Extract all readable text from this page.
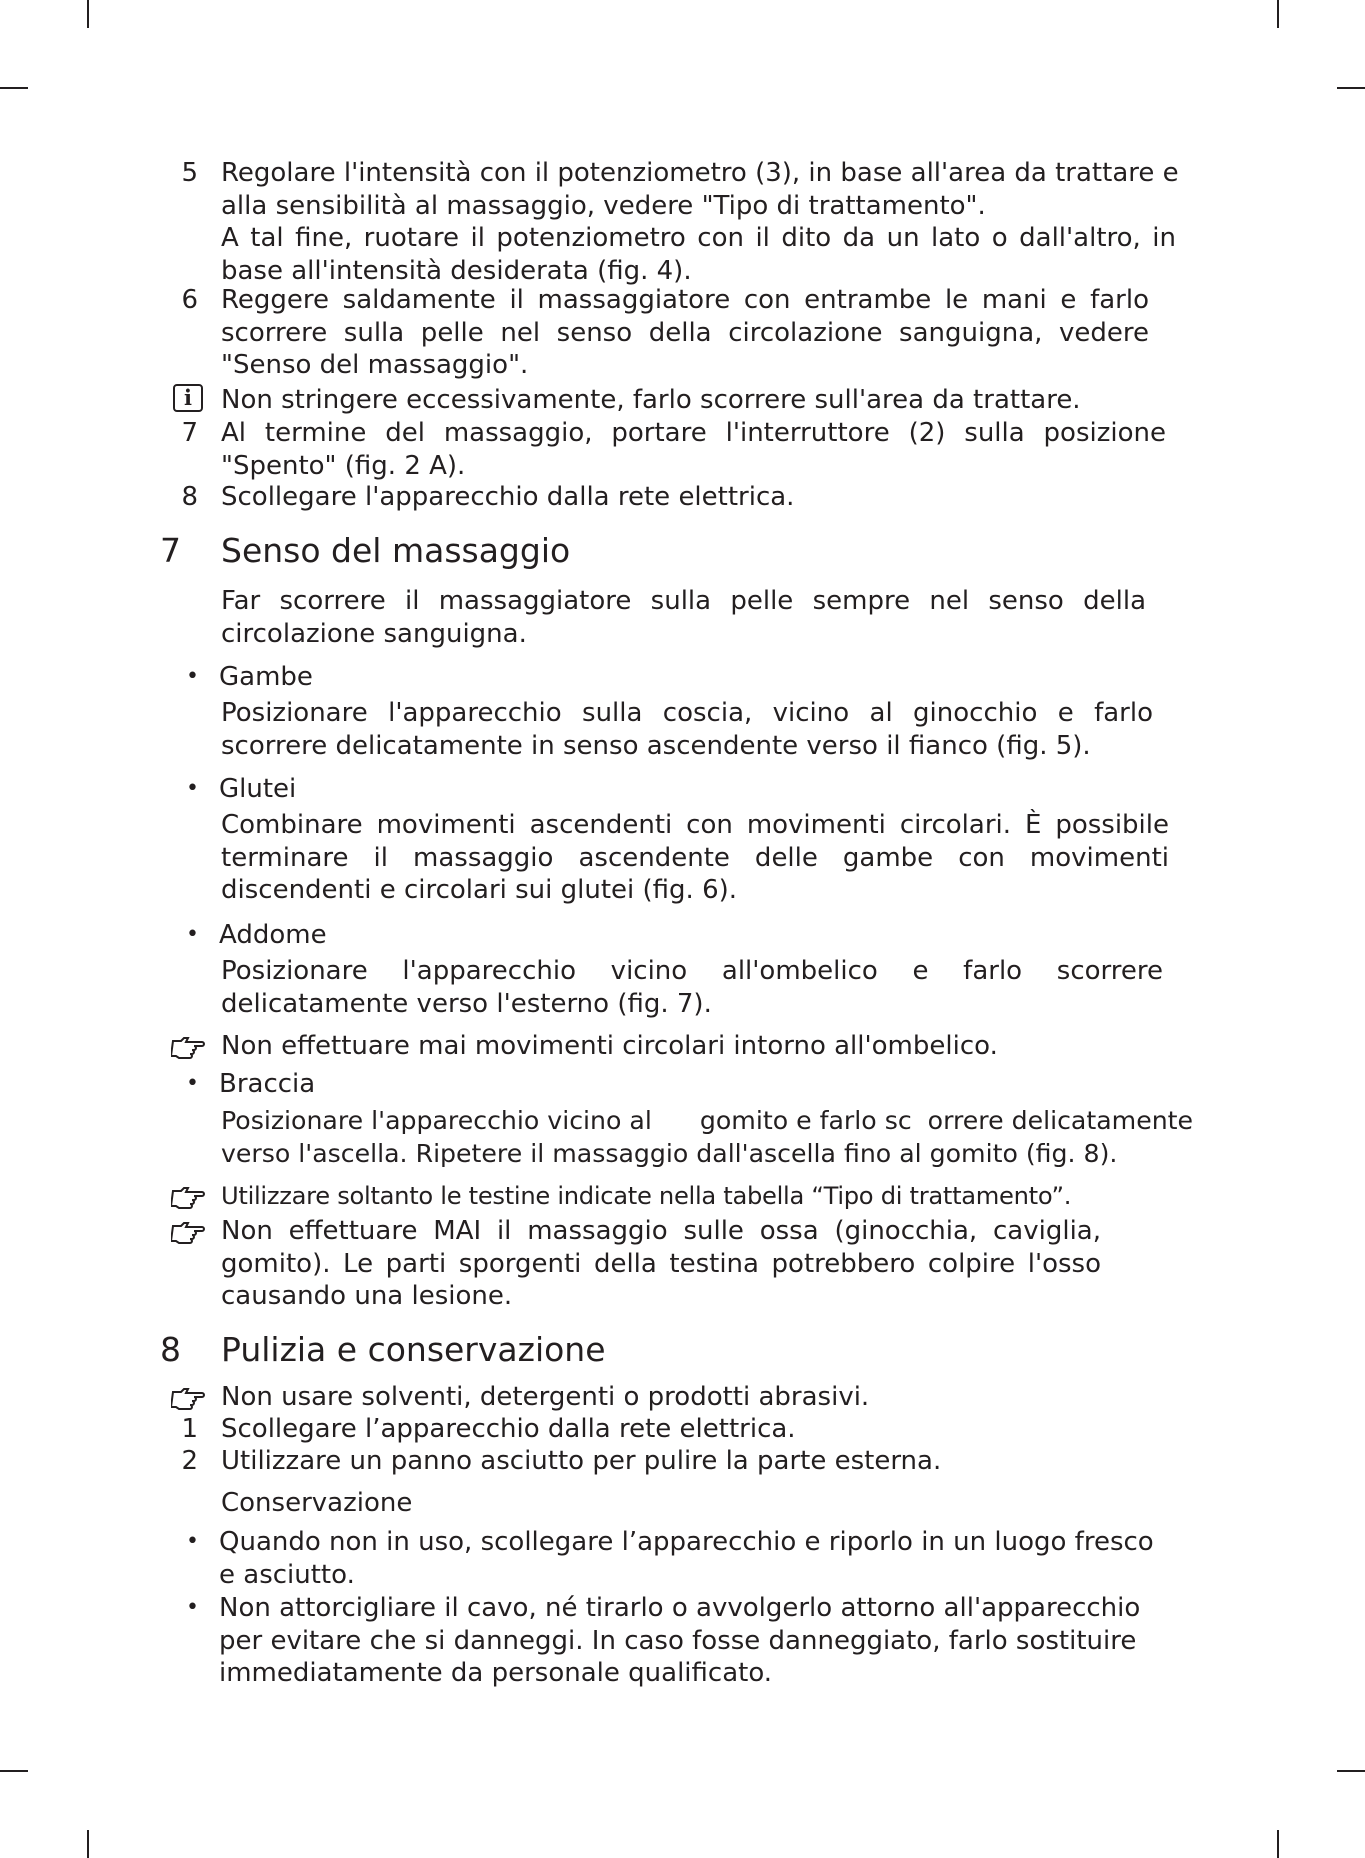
5 Regolare l'intensità con il potenziometro (3), in base all'area da trattare e alla sensibilità al massaggio, vedere "Tipo di trattamento".
A tal fine, ruotare il potenziometro con il dito da un lato o dall'altro, in base all'intensità desiderata (fig. 4).
6 Reggere saldamente il massaggiatore con entrambe le mani e farlo scorrere sulla pelle nel senso della circolazione sanguigna, vedere "Senso del massaggio".
i	Non stringere eccessivamente, farlo scorrere sull'area da trattare.
7 Al termine del massaggio, portare l'interruttore (2) sulla posizione "Spento" (fig. 2 A).
8 Scollegare l'apparecchio dalla rete elettrica.
7 Senso del massaggio
Far scorrere il massaggiatore sulla pelle sempre nel senso della circolazione sanguigna.
• Gambe
Posizionare l'apparecchio sulla coscia, vicino al ginocchio e farlo scorrere delicatamente in senso ascendente verso il fianco (fig. 5).
• Glutei
Combinare movimenti ascendenti con movimenti circolari. È possibile terminare il massaggio ascendente delle gambe con movimenti discendenti e circolari sui glutei (fig. 6).
• Addome
Posizionare l'apparecchio vicino all'ombelico e farlo scorrere delicatamente verso l'esterno (fig. 7).
Non effettuare mai movimenti circolari intorno all'ombelico.
• Braccia
Posizionare l'apparecchio vicino al      gomito e farlo sc  orrere delicatamente verso l'ascella. Ripetere il massaggio dall'ascella fino al gomito (fig. 8).
Utilizzare soltanto le testine indicate nella tabella “Tipo di trattamento”.
Non effettuare MAI il massaggio sulle ossa (ginocchia, caviglia, gomito). Le parti sporgenti della testina potrebbero colpire l'osso causando una lesione.
8 Pulizia e conservazione
Non usare solventi, detergenti o prodotti abrasivi.
1 Scollegare l’apparecchio dalla rete elettrica.
2 Utilizzare un panno asciutto per pulire la parte esterna.
Conservazione
• Quando non in uso, scollegare l’apparecchio e riporlo in un luogo fresco e asciutto.
• Non attorcigliare il cavo, né tirarlo o avvolgerlo attorno all'apparecchio per evitare che si danneggi. In caso fosse danneggiato, farlo sostituire immediatamente da personale qualificato.
